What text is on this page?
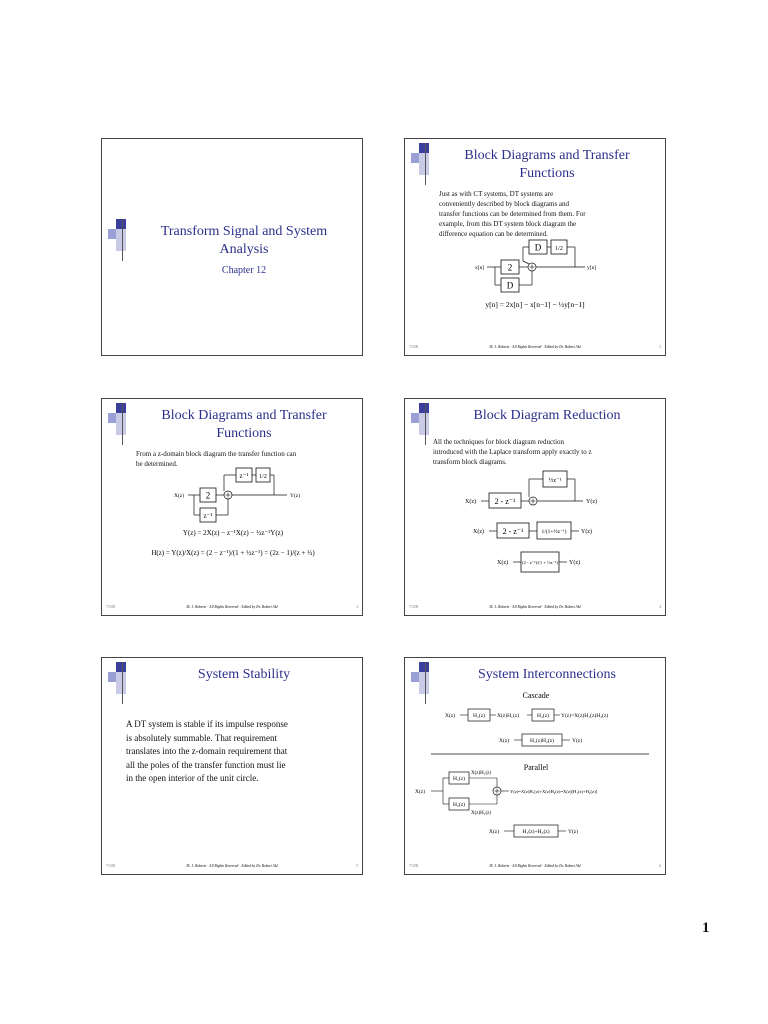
Transform Signal and System
Analysis
Chapter 12
Block Diagrams and Transfer
Functions
Just as with CT systems, DT systems are
conveniently described by block diagrams and
transfer functions can be determined from them. For
example, from this DT system block diagram the
difference equation can be determined.
2
x[n]	y[n]
D
1/2
D
y[n] = 2x[n] − x[n−1] − ½y[n−1]
7/3/08	M. J. Roberts - All Rights Reserved - Edited by Dr. Robert Akl	2
Block Diagrams and Transfer
Functions
From a z-domain block diagram the transfer function can
be determined.
X(z) 2	Y(z)
z⁻¹
1/2
z⁻¹
Y(z) = 2X(z) − z⁻¹X(z) − ½z⁻¹Y(z)
H(z) = Y(z)/X(z) = (2 − z⁻¹)/(1 + ½z⁻¹) = (2z − 1)/(z + ½)
7/3/08	M. J. Roberts - All Rights Reserved - Edited by Dr. Robert Akl	3
Block Diagram Reduction
All the techniques for block diagram reduction
introduced with the Laplace transform apply exactly to z
transform block diagrams.
X(z) 2 - z⁻¹	Y(z)
½z⁻¹
X(z) 2 - z⁻¹	1/(1+½z⁻¹) Y(z)
X(z)	(2 - z⁻¹)/(1 + ½z⁻¹) Y(z)
7/3/08	M. J. Roberts - All Rights Reserved - Edited by Dr. Robert Akl	4
System Stability
A DT system is stable if its impulse response
is absolutely summable. That requirement
translates into the z-domain requirement that
all the poles of the transfer function must lie
in the open interior of the unit circle.
7/3/08	M. J. Roberts - All Rights Reserved - Edited by Dr. Robert Akl	5
System Interconnections
Cascade
X(z)	H₁(z) X(z)H₁(z)	H₂(z) Y(z)=X(z)H₁(z)H₂(z)
X(z)	H₁(z)H₂(z)	Y(z)
Parallel
X(z)
H₁(z)
H₂(z)
X(z)H₁(z)
X(z)H₂(z)
Y(z)=X(z)H₁(z)+X(z)H₂(z)=X(z)[H₁(z)+H₂(z)]
X(z)	H₁(z)+H₂(z)	Y(z)
7/3/08	M. J. Roberts - All Rights Reserved - Edited by Dr. Robert Akl	6
1
